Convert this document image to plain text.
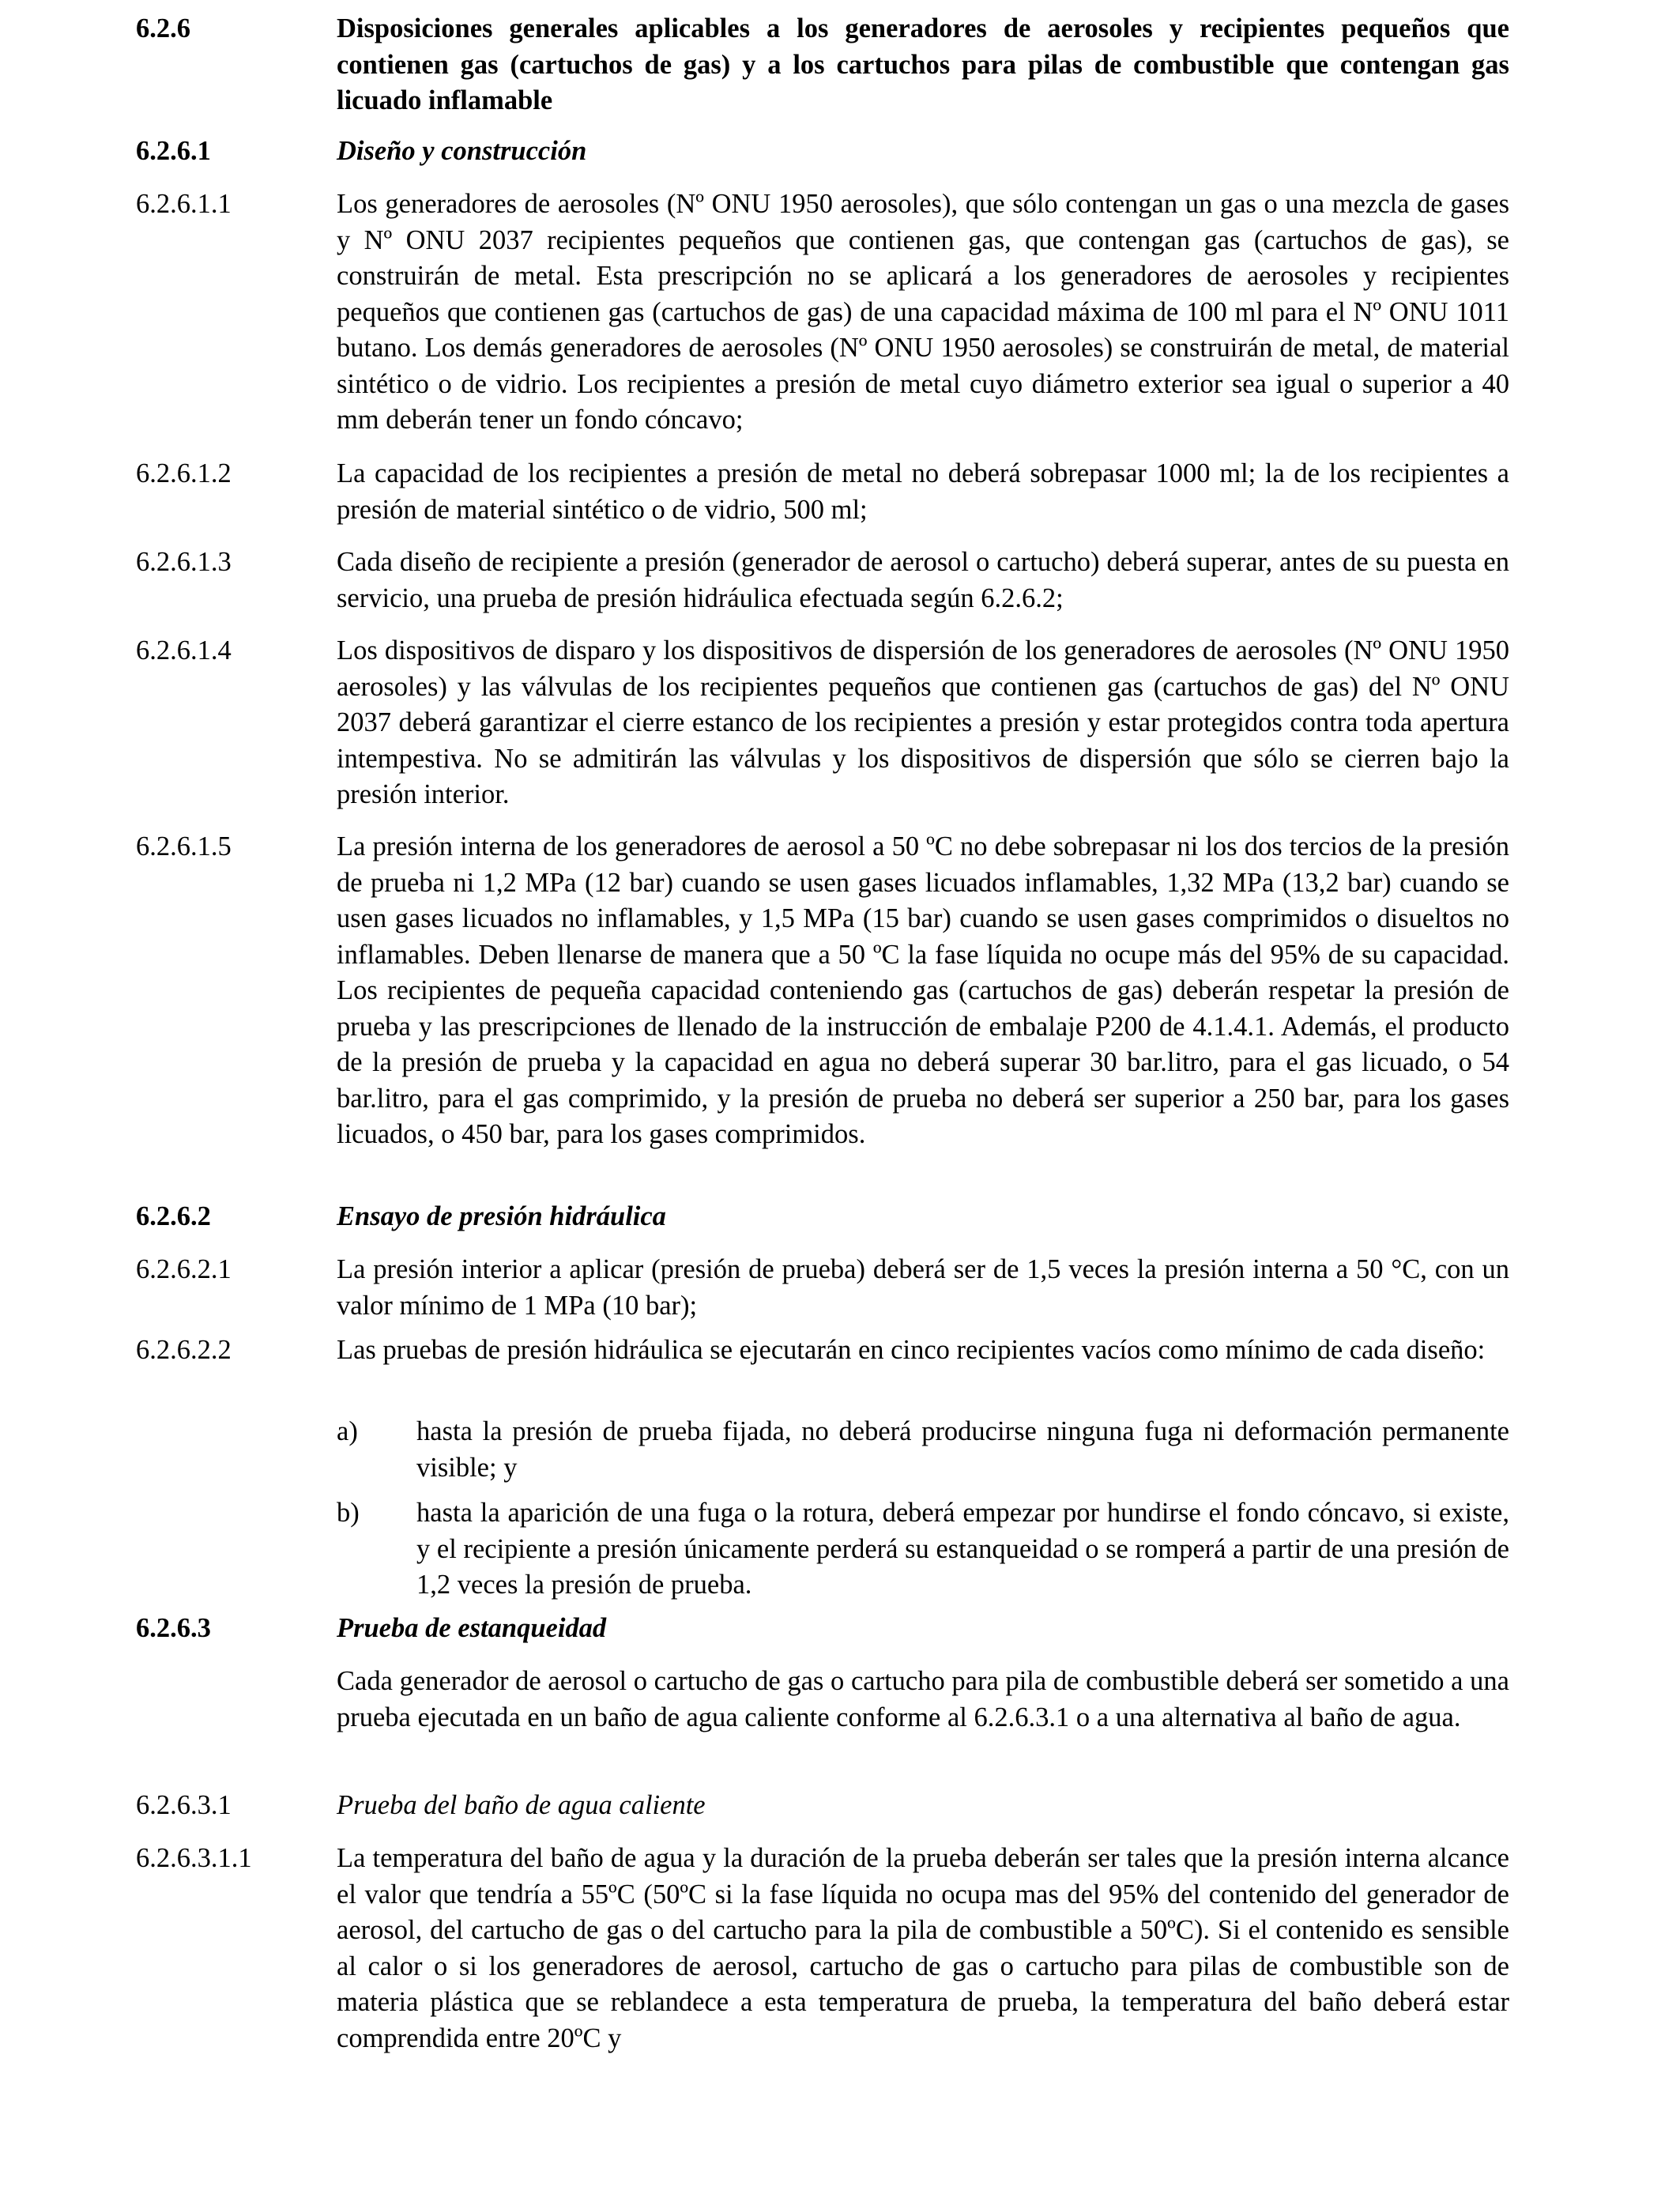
6.2.6	Disposiciones generales aplicables a los generadores de aerosoles y recipientes pequeños que contienen gas (cartuchos de gas) y a los cartuchos para pilas de combustible que contengan gas licuado inflamable
6.2.6.1	Diseño y construcción
6.2.6.1.1	Los generadores de aerosoles (Nº ONU 1950 aerosoles), que sólo contengan un gas o una mezcla de gases y Nº ONU 2037 recipientes pequeños que contienen gas, que contengan gas (cartuchos de gas), se construirán de metal. Esta prescripción no se aplicará a los generadores de aerosoles y recipientes pequeños que contienen gas (cartuchos de gas) de una capacidad máxima de 100 ml para el Nº ONU 1011 butano. Los demás generadores de aerosoles (Nº ONU 1950 aerosoles) se construirán de metal, de material sintético o de vidrio. Los recipientes a presión de metal cuyo diámetro exterior sea igual o superior a 40 mm deberán tener un fondo cóncavo;
6.2.6.1.2	La capacidad de los recipientes a presión de metal no deberá sobrepasar 1000 ml; la de los recipientes a presión de material sintético o de vidrio, 500 ml;
6.2.6.1.3	Cada diseño de recipiente a presión (generador de aerosol o cartucho) deberá superar, antes de su puesta en servicio, una prueba de presión hidráulica efectuada según 6.2.6.2;
6.2.6.1.4	Los dispositivos de disparo y los dispositivos de dispersión de los generadores de aerosoles (Nº ONU 1950 aerosoles) y las válvulas de los recipientes pequeños que contienen gas (cartuchos de gas) del Nº ONU 2037 deberá garantizar el cierre estanco de los recipientes a presión y estar protegidos contra toda apertura intempestiva. No se admitirán las válvulas y los dispositivos de dispersión que sólo se cierren bajo la presión interior.
6.2.6.1.5	La presión interna de los generadores de aerosol a 50 ºC no debe sobrepasar ni los dos tercios de la presión de prueba ni 1,2 MPa (12 bar) cuando se usen gases licuados inflamables, 1,32 MPa (13,2 bar) cuando se usen gases licuados no inflamables, y 1,5 MPa (15 bar) cuando se usen gases comprimidos o disueltos no inflamables. Deben llenarse de manera que a 50 ºC la fase líquida no ocupe más del 95% de su capacidad. Los recipientes de pequeña capacidad conteniendo gas (cartuchos de gas) deberán respetar la presión de prueba y las prescripciones de llenado de la instrucción de embalaje P200 de 4.1.4.1. Además, el producto de la presión de prueba y la capacidad en agua no deberá superar 30 bar.litro, para el gas licuado, o 54 bar.litro, para el gas comprimido, y la presión de prueba no deberá ser superior a 250 bar, para los gases licuados, o 450 bar, para los gases comprimidos.
6.2.6.2	Ensayo de presión hidráulica
6.2.6.2.1	La presión interior a aplicar (presión de prueba) deberá ser de 1,5 veces la presión interna a 50 °C, con un valor mínimo de 1 MPa (10 bar);
6.2.6.2.2	Las pruebas de presión hidráulica se ejecutarán en cinco recipientes vacíos como mínimo de cada diseño:
a) hasta la presión de prueba fijada, no deberá producirse ninguna fuga ni deformación permanente visible; y
b) hasta la aparición de una fuga o la rotura, deberá empezar por hundirse el fondo cóncavo, si existe, y el recipiente a presión únicamente perderá su estanqueidad o se romperá a partir de una presión de 1,2 veces la presión de prueba.
6.2.6.3	Prueba de estanqueidad
Cada generador de aerosol o cartucho de gas o cartucho para pila de combustible deberá ser sometido a una prueba ejecutada en un baño de agua caliente conforme al 6.2.6.3.1 o a una alternativa al baño de agua.
6.2.6.3.1	Prueba del baño de agua caliente
6.2.6.3.1.1	La temperatura del baño de agua y la duración de la prueba deberán ser tales que la presión interna alcance el valor que tendría a 55ºC (50ºC si la fase líquida no ocupa mas del 95% del contenido del generador de aerosol, del cartucho de gas o del cartucho para la pila de combustible a 50ºC). Si el contenido es sensible al calor o si los generadores de aerosol, cartucho de gas o cartucho para pilas de combustible son de materia plástica que se reblandece a esta temperatura de prueba, la temperatura del baño deberá estar comprendida entre 20ºC y
